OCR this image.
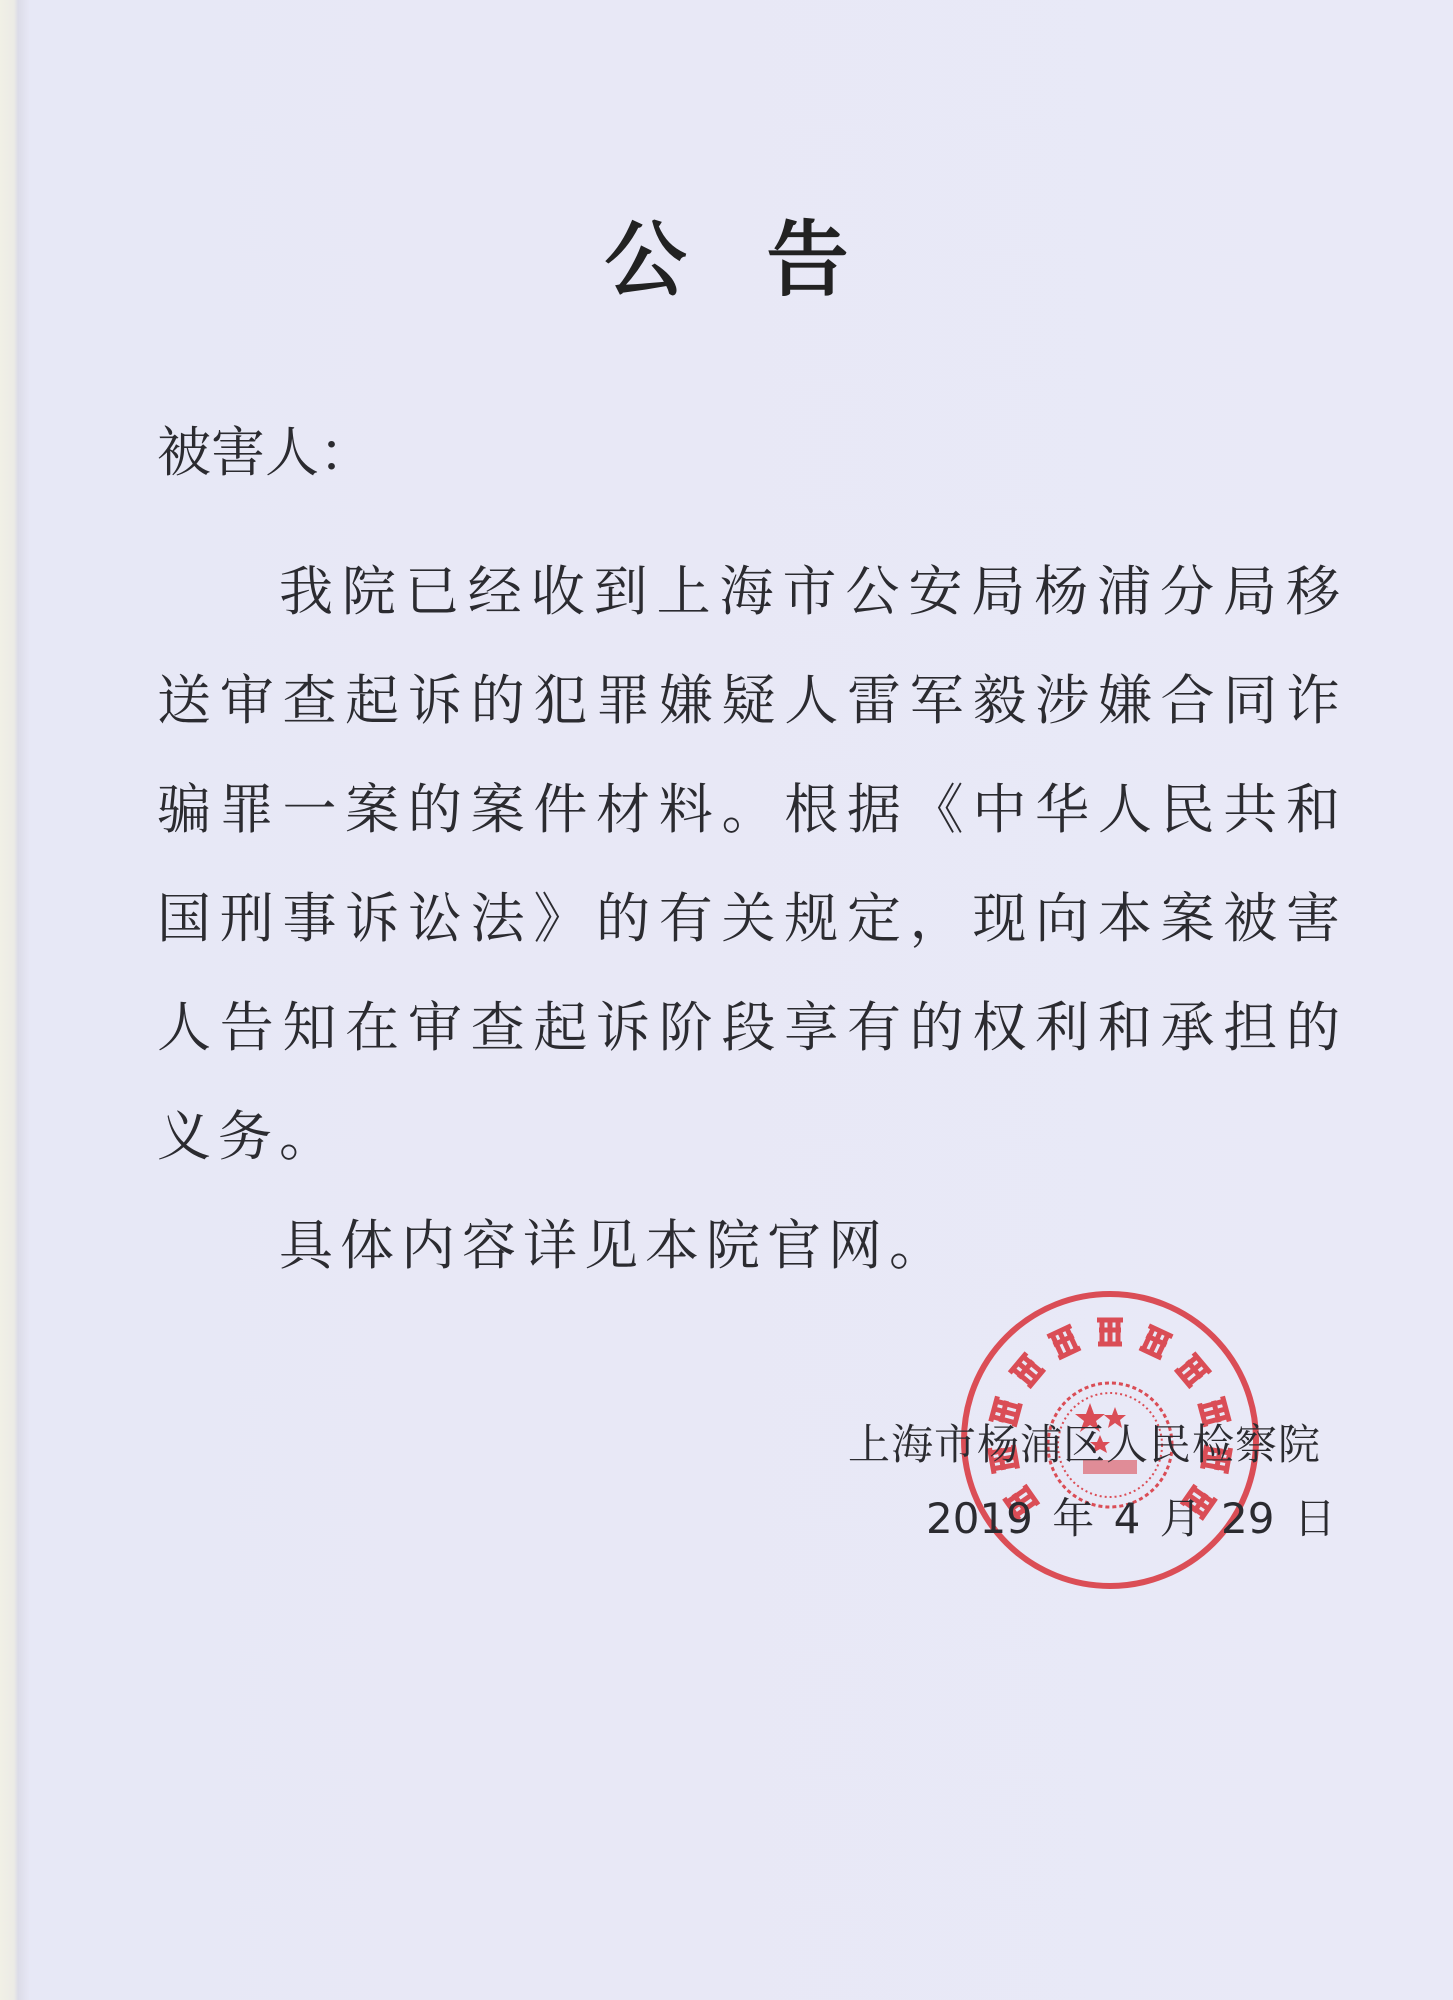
公 告
被害人：

我院已经收到上海市公安局杨浦分局移送审查起诉的犯罪嫌疑人雷军毅涉嫌合同诈骗罪一案的案件材料。根据《中华人民共和国刑事诉讼法》的有关规定，现向本案被害人告知在审查起诉阶段享有的权利和承担的义务。

具体内容详见本院官网。

上海市杨浦区人民检察院
2019 年 4 月 29 日
